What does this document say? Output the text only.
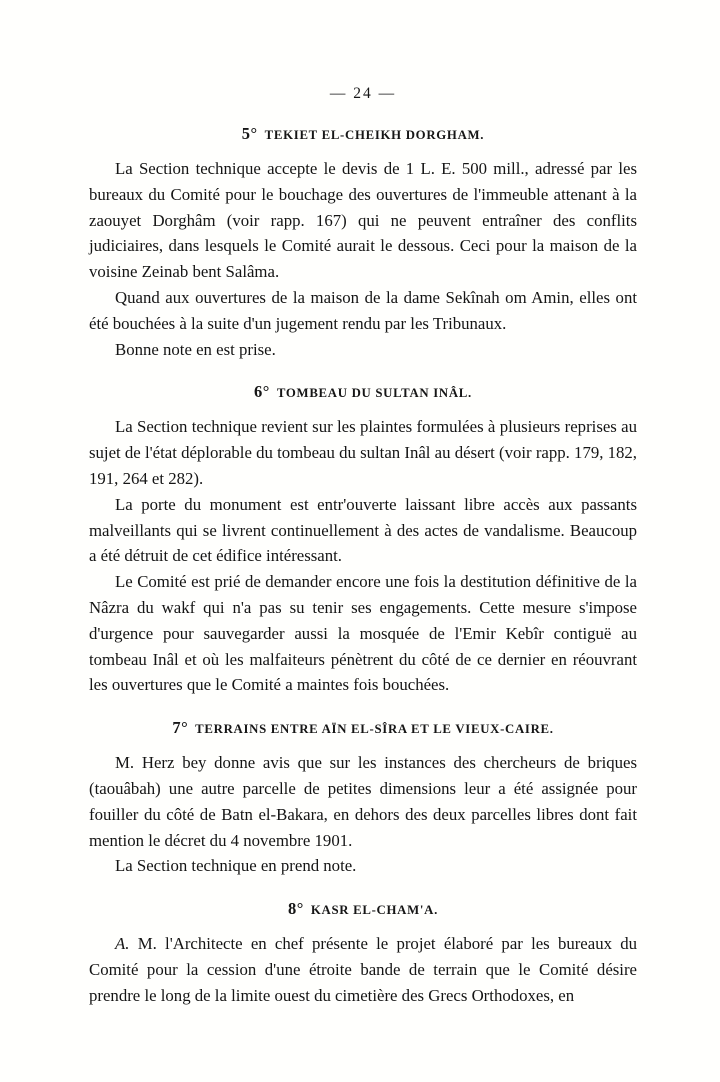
— 24 —
5° TEKIET EL-CHEIKH DORGHAM.

La Section technique accepte le devis de 1 L. E. 500 mill., adressé par les bureaux du Comité pour le bouchage des ouvertures de l'immeuble attenant à la zaouyet Dorghâm (voir rapp. 167) qui ne peuvent entraîner des conflits judiciaires, dans lesquels le Comité aurait le dessous. Ceci pour la maison de la voisine Zeinab bent Salâma.

Quand aux ouvertures de la maison de la dame Sekînah om Amin, elles ont été bouchées à la suite d'un jugement rendu par les Tribunaux.

Bonne note en est prise.

6° TOMBEAU DU SULTAN INÂL.

La Section technique revient sur les plaintes formulées à plusieurs reprises au sujet de l'état déplorable du tombeau du sultan Inâl au désert (voir rapp. 179, 182, 191, 264 et 282).

La porte du monument est entr'ouverte laissant libre accès aux passants malveillants qui se livrent continuellement à des actes de vandalisme. Beaucoup a été détruit de cet édifice intéressant.

Le Comité est prié de demander encore une fois la destitution définitive de la Nâzra du wakf qui n'a pas su tenir ses engagements. Cette mesure s'impose d'urgence pour sauvegarder aussi la mosquée de l'Emir Kebîr contiguë au tombeau Inâl et où les malfaiteurs pénètrent du côté de ce dernier en réouvrant les ouvertures que le Comité a maintes fois bouchées.

7° TERRAINS ENTRE AÏN EL-SÎRA ET LE VIEUX-CAIRE.

M. Herz bey donne avis que sur les instances des chercheurs de briques (taouâbah) une autre parcelle de petites dimensions leur a été assignée pour fouiller du côté de Batn el-Bakara, en dehors des deux parcelles libres dont fait mention le décret du 4 novembre 1901.

La Section technique en prend note.

8° KASR EL-CHAM'A.

A. M. l'Architecte en chef présente le projet élaboré par les bureaux du Comité pour la cession d'une étroite bande de terrain que le Comité désire prendre le long de la limite ouest du cimetière des Grecs Orthodoxes, en
